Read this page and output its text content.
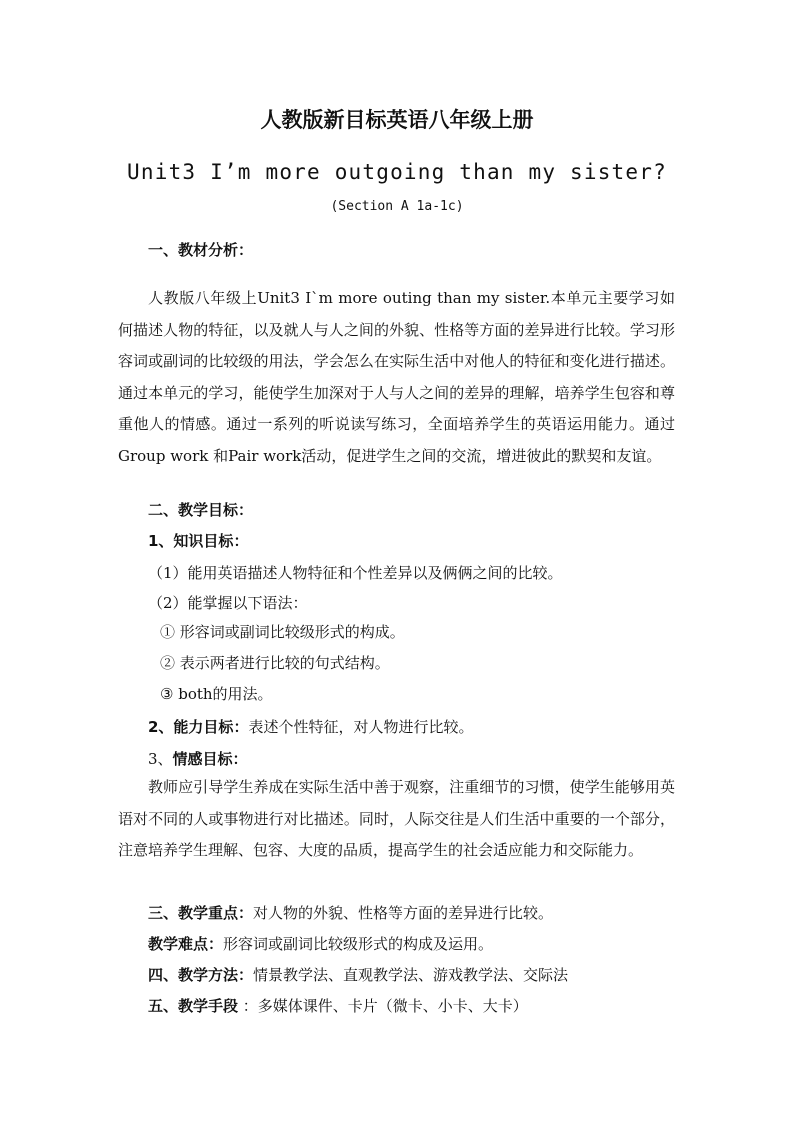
人教版新目标英语八年级上册
Unit3 I’m more outgoing than my sister?
(Section A 1a-1c)
一、教材分析：
人教版八年级上Unit3 I`m more outing than my sister.本单元主要学习如何描述人物的特征，以及就人与人之间的外貌、性格等方面的差异进行比较。学习形容词或副词的比较级的用法，学会怎么在实际生活中对他人的特征和变化进行描述。通过本单元的学习，能使学生加深对于人与人之间的差异的理解，培养学生包容和尊重他人的情感。通过一系列的听说读写练习，全面培养学生的英语运用能力。通过Group work 和Pair work活动，促进学生之间的交流，增进彼此的默契和友谊。
二、教学目标：
1、知识目标：
（1）能用英语描述人物特征和个性差异以及俩俩之间的比较。
（2）能掌握以下语法：
① 形容词或副词比较级形式的构成。
② 表示两者进行比较的句式结构。
③ both的用法。
2、能力目标：表述个性特征，对人物进行比较。
3、情感目标：
教师应引导学生养成在实际生活中善于观察，注重细节的习惯，使学生能够用英语对不同的人或事物进行对比描述。同时，人际交往是人们生活中重要的一个部分，注意培养学生理解、包容、大度的品质，提高学生的社会适应能力和交际能力。
三、教学重点：对人物的外貌、性格等方面的差异进行比较。
教学难点：形容词或副词比较级形式的构成及运用。
四、教学方法：情景教学法、直观教学法、游戏教学法、交际法
五、教学手段 ：多媒体课件、卡片（微卡、小卡、大卡）
